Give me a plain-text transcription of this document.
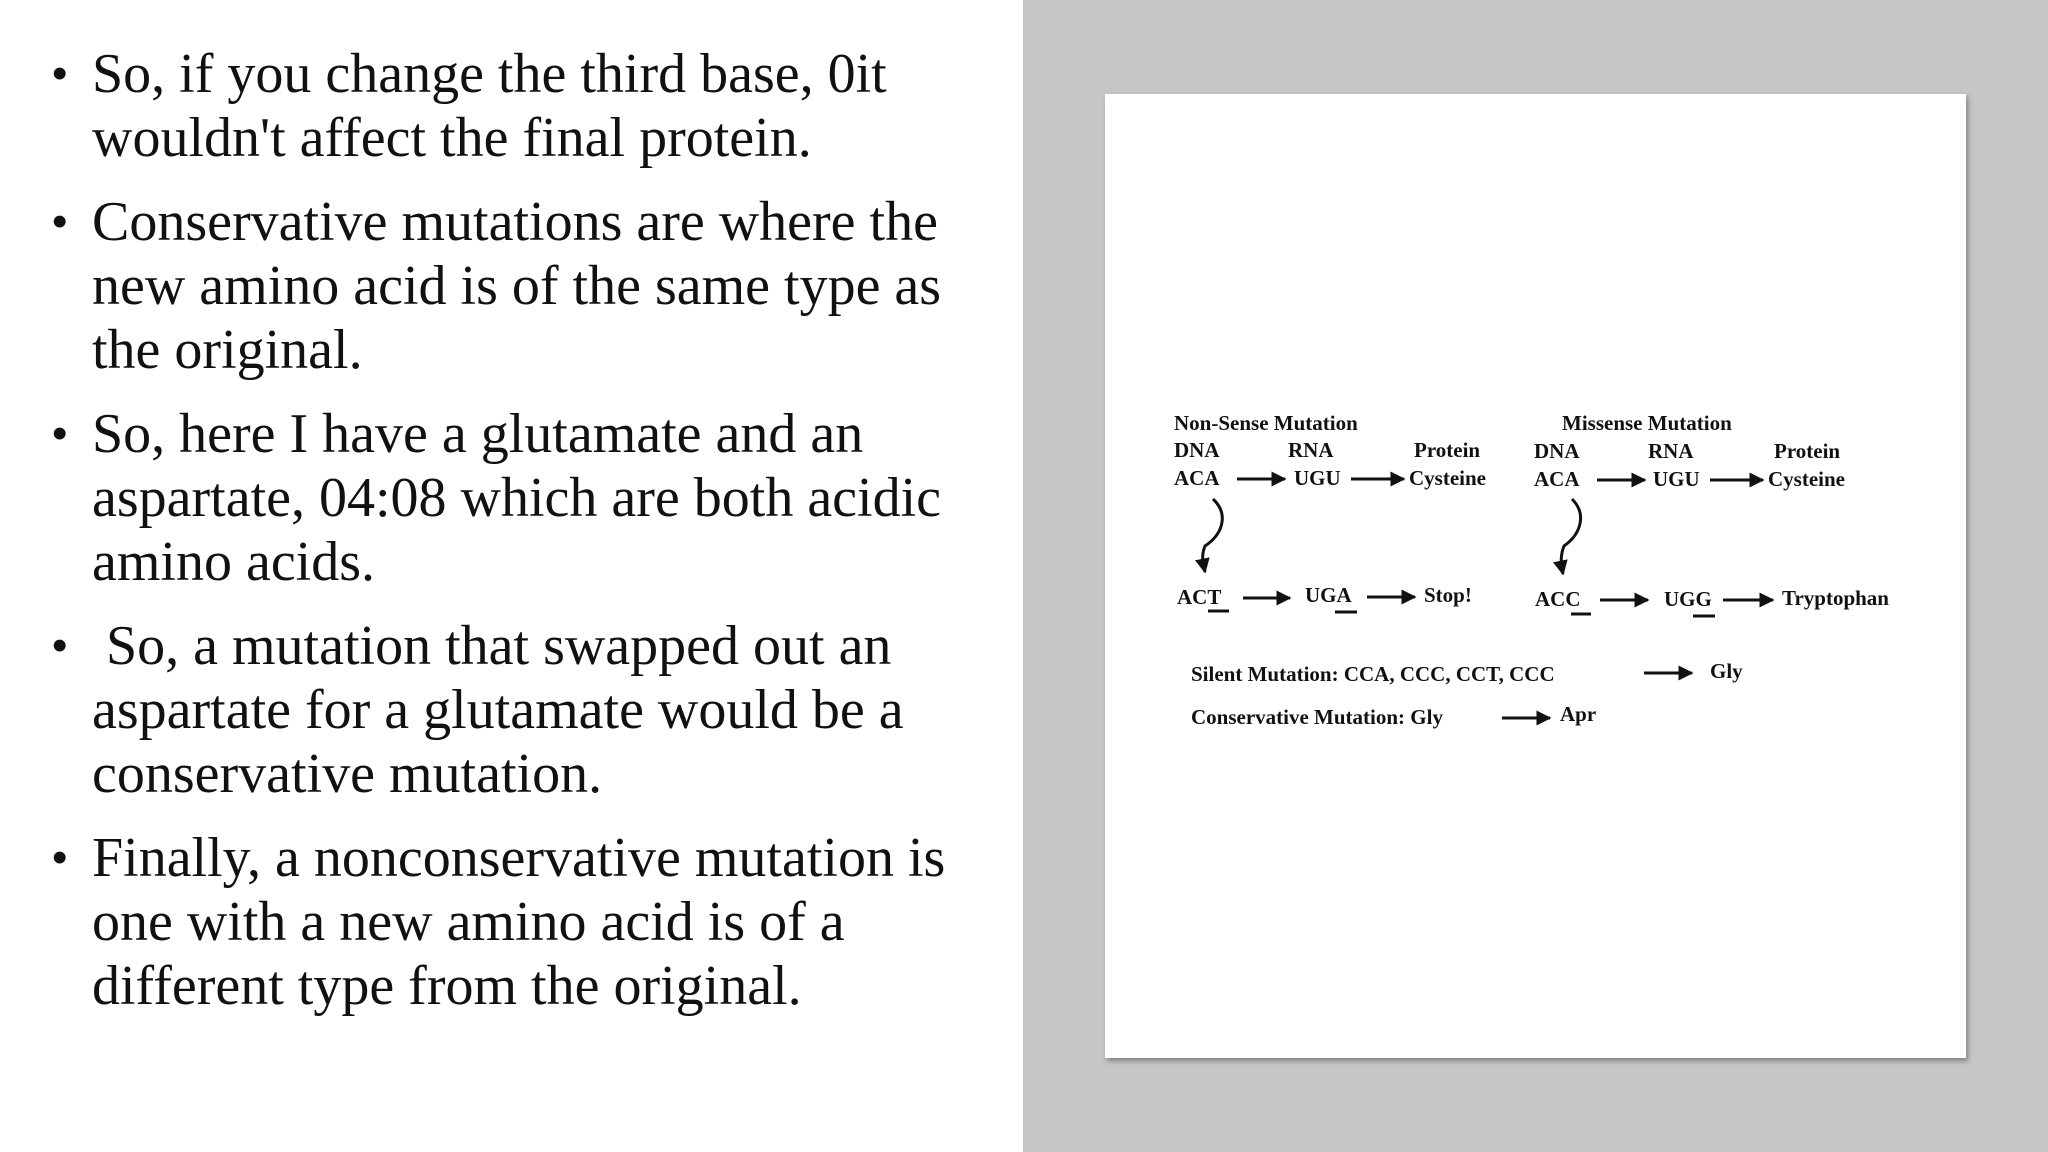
• So, if you change the third base, 0it wouldn't affect the final protein.
• Conservative mutations are where the new amino acid is of the same type as the original.
• So, here I have a glutamate and an aspartate, 04:08 which are both acidic amino acids.
• So, a mutation that swapped out an aspartate for a glutamate would be a conservative mutation.
• Finally, a nonconservative mutation is one with a new amino acid is of a different type from the original.
Non-Sense Mutation
DNA	RNA	Protein
ACA	UGU	Cysteine
ACT	UGA	Stop!
Missense Mutation
DNA	RNA	Protein
ACA	UGU	Cysteine
ACC	UGG	Tryptophan
Silent Mutation: CCA, CCC, CCT, CCC	Gly
Conservative Mutation: Gly	Apr
